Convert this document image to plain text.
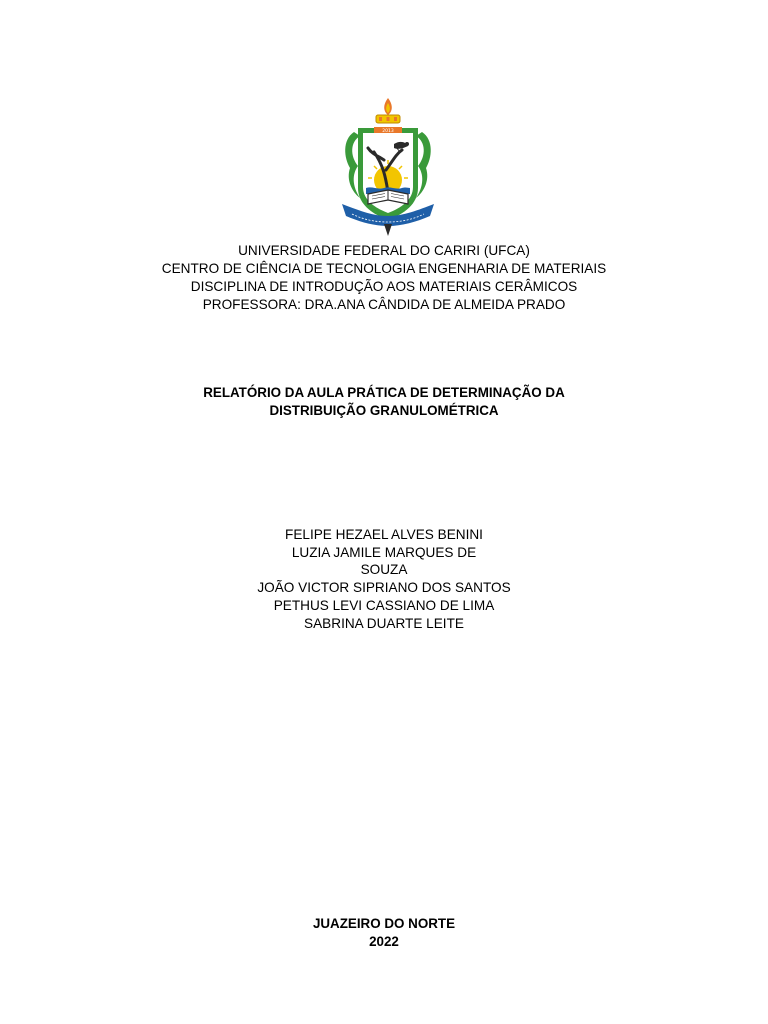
2013
UNIVERSIDADE FEDERAL DO CARIRI (UFCA)
CENTRO DE CIÊNCIA DE TECNOLOGIA ENGENHARIA DE MATERIAIS
DISCIPLINA DE INTRODUÇÃO AOS MATERIAIS CERÂMICOS
PROFESSORA: DRA.ANA CÂNDIDA DE ALMEIDA PRADO
RELATÓRIO DA AULA PRÁTICA DE DETERMINAÇÃO DA
DISTRIBUIÇÃO GRANULOMÉTRICA
FELIPE HEZAEL ALVES BENINI
LUZIA JAMILE MARQUES DE
SOUZA
JOÃO VICTOR SIPRIANO DOS SANTOS
PETHUS LEVI CASSIANO DE LIMA
SABRINA DUARTE LEITE
JUAZEIRO DO NORTE
2022
